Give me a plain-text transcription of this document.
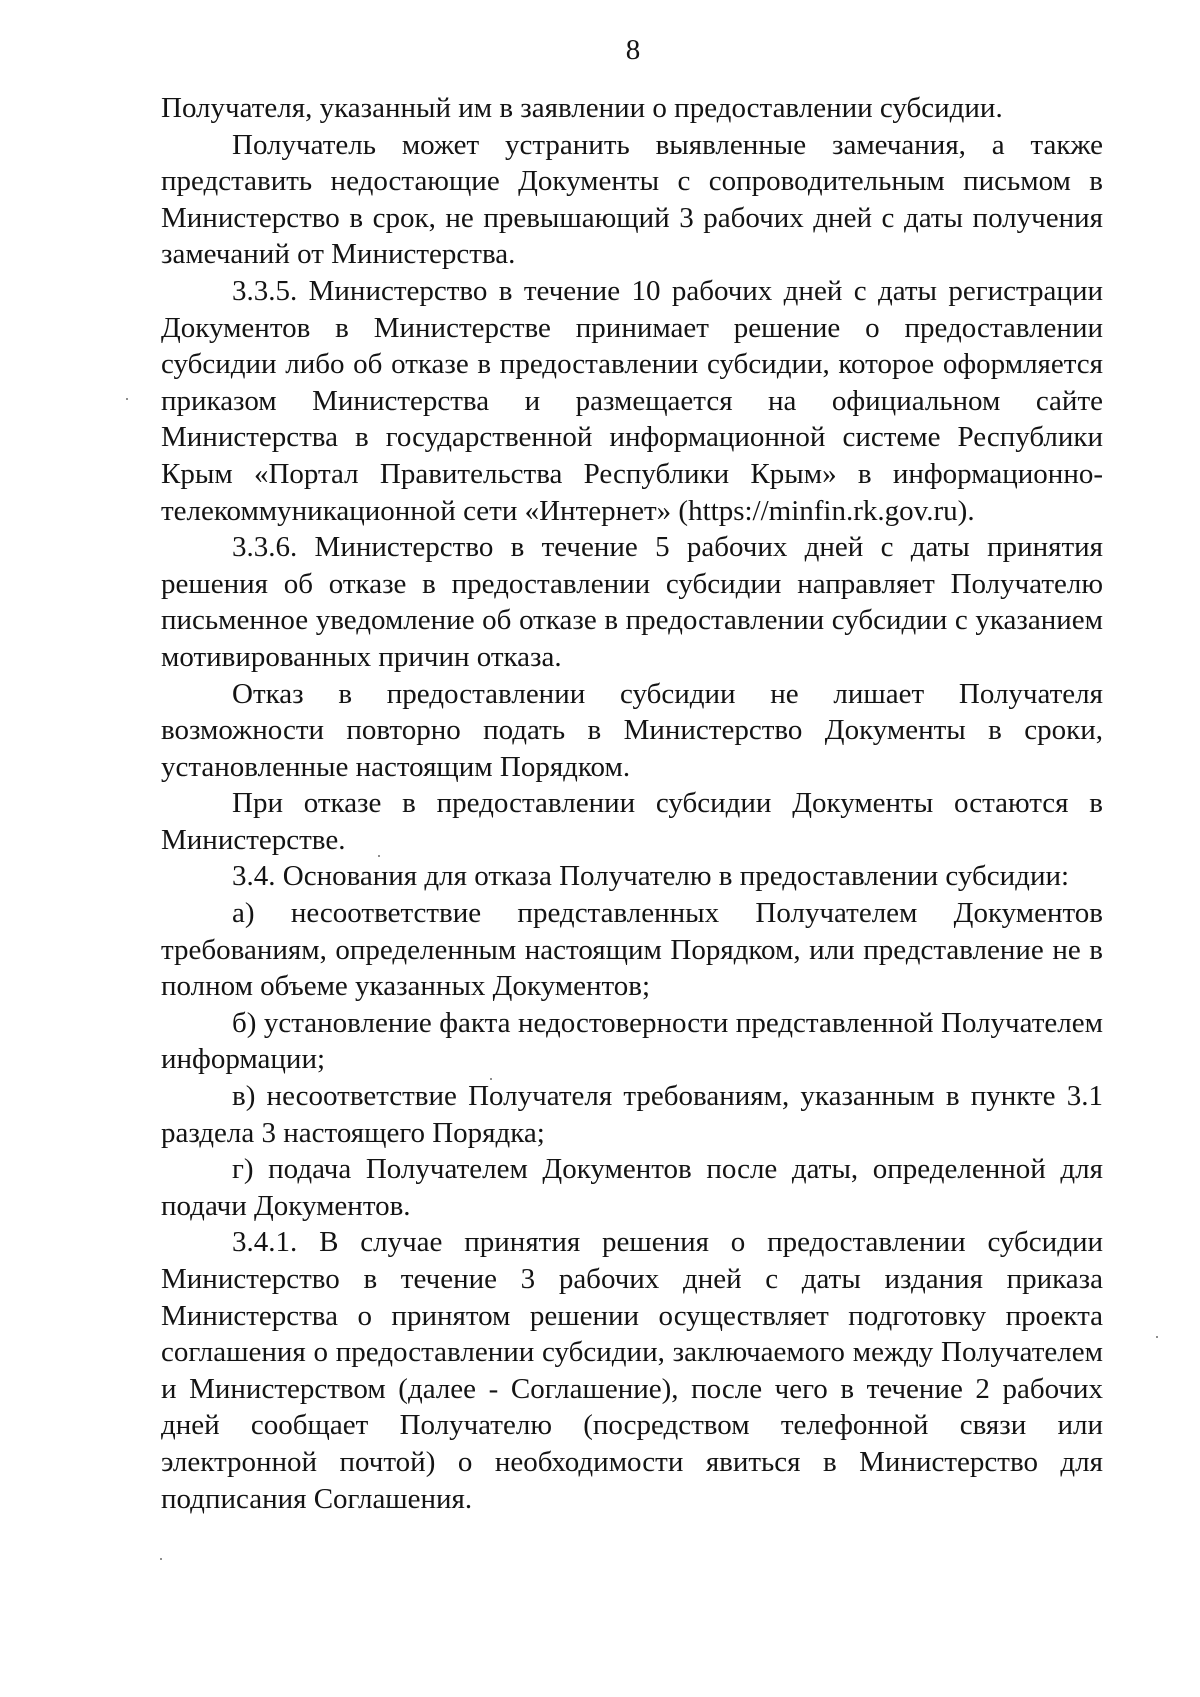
8

Получателя, указанный им в заявлении о предоставлении субсидии.

Получатель может устранить выявленные замечания, а также представить недостающие Документы с сопроводительным письмом в Министерство в срок, не превышающий 3 рабочих дней с даты получения замечаний от Министерства.

3.3.5. Министерство в течение 10 рабочих дней с даты регистрации Документов в Министерстве принимает решение о предоставлении субсидии либо об отказе в предоставлении субсидии, которое оформляется приказом Министерства и размещается на официальном сайте Министерства в государственной информационной системе Республики Крым «Портал Правительства Республики Крым» в информационно-телекоммуникационной сети «Интернет» (https://minfin.rk.gov.ru).

3.3.6. Министерство в течение 5 рабочих дней с даты принятия решения об отказе в предоставлении субсидии направляет Получателю письменное уведомление об отказе в предоставлении субсидии с указанием мотивированных причин отказа.

Отказ в предоставлении субсидии не лишает Получателя возможности повторно подать в Министерство Документы в сроки, установленные настоящим Порядком.

При отказе в предоставлении субсидии Документы остаются в Министерстве.

3.4. Основания для отказа Получателю в предоставлении субсидии:

а) несоответствие представленных Получателем Документов требованиям, определенным настоящим Порядком, или представление не в полном объеме указанных Документов;

б) установление факта недостоверности представленной Получателем информации;

в) несоответствие Получателя требованиям, указанным в пункте 3.1 раздела 3 настоящего Порядка;

г) подача Получателем Документов после даты, определенной для подачи Документов.

3.4.1. В случае принятия решения о предоставлении субсидии Министерство в течение 3 рабочих дней с даты издания приказа Министерства о принятом решении осуществляет подготовку проекта соглашения о предоставлении субсидии, заключаемого между Получателем и Министерством (далее - Соглашение), после чего в течение 2 рабочих дней сообщает Получателю (посредством телефонной связи или электронной почтой) о необходимости явиться в Министерство для подписания Соглашения.
